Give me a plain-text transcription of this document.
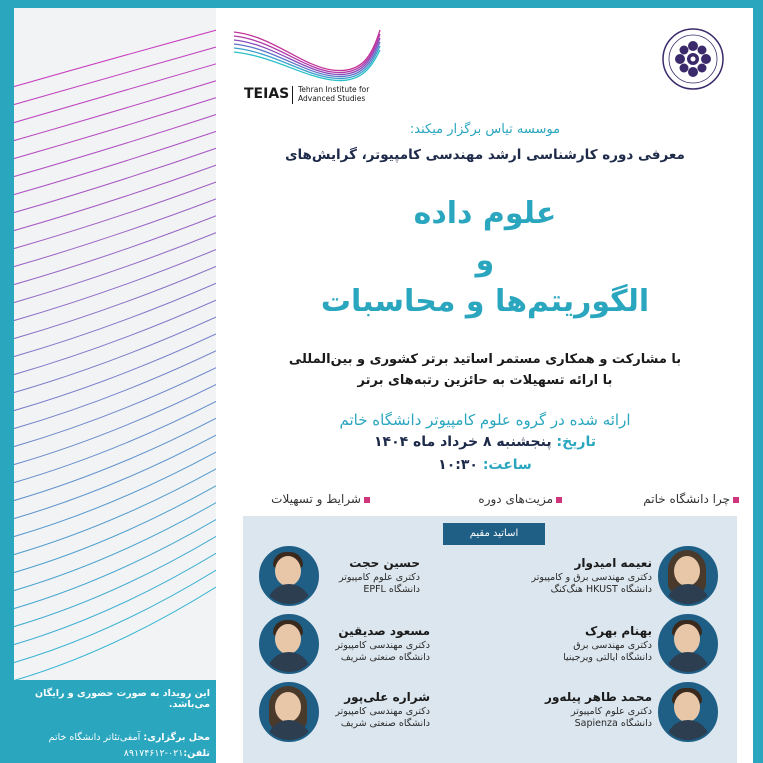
این رویداد به صورت حضوری و رایگان می‌باشد.
محل برگزاری: آمفی‌تئاتر دانشگاه خاتم
تلفن:۰۲۱-۸۹۱۷۴۶۱۲
TEIAS Tehran Institute for
Advanced Studies
موسسه تیاس برگزار میکند:
معرفی دوره کارشناسی ارشد مهندسی کامپیوتر، گرایش‌های
علوم داده
و
الگوریتم‌ها و محاسبات
با مشارکت و همکاری مستمر اساتید برتر کشوری و بین‌المللی
با ارائه تسهیلات به حائزین رتبه‌های برتر
ارائه شده در گروه علوم کامپیوتر دانشگاه خاتم
تاریخ: پنجشنبه ۸ خرداد ماه ۱۴۰۴
ساعت: ۱۰:۳۰
چرا دانشگاه خاتم
مزیت‌های دوره
شرایط و تسهیلات
اساتید مقیم
نعیمه امیدوار
دکتری مهندسی برق و کامپیوتر
دانشگاه HKUST هنگ‌کنگ
حسین حجت
دکتری علوم کامپیوتر
دانشگاه EPFL
بهنام بهرک
دکتری مهندسی برق
دانشگاه ایالتی ویرجینیا
مسعود صدیقین
دکتری مهندسی کامپیوتر
دانشگاه صنعتی شریف
محمد طاهر پیله‌ور
دکتری علوم کامپیوتر
دانشگاه Sapienza
شراره علی‌پور
دکتری مهندسی کامپیوتر
دانشگاه صنعتی شریف
